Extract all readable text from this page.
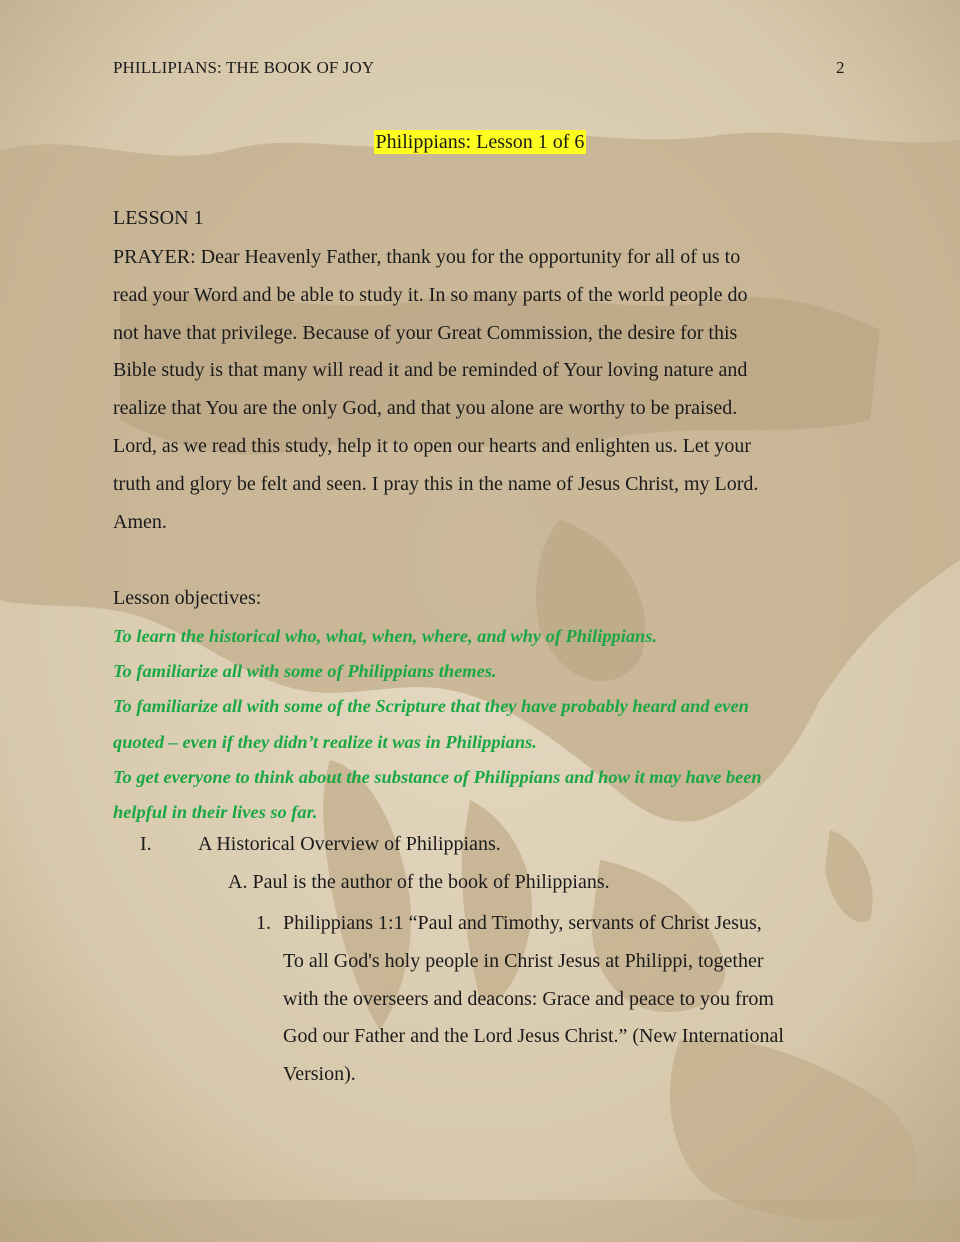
PHILLIPIANS: THE BOOK OF JOY	2
Philippians: Lesson 1 of 6
LESSON 1

PRAYER: Dear Heavenly Father, thank you for the opportunity for all of us to

read your Word and be able to study it. In so many parts of the world people do

not have that privilege. Because of your Great Commission, the desire for this

Bible study is that many will read it and be reminded of Your loving nature and

realize that You are the only God, and that you alone are worthy to be praised.

Lord, as we read this study, help it to open our hearts and enlighten us. Let your

truth and glory be felt and seen. I pray this in the name of Jesus Christ, my Lord.

Amen.

Lesson objectives:
To learn the historical who, what, when, where, and why of Philippians.
To familiarize all with some of Philippians themes.
To familiarize all with some of the Scripture that they have probably heard and even
quoted – even if they didn’t realize it was in Philippians.
To get everyone to think about the substance of Philippians and how it may have been
helpful in their lives so far.
I. A Historical Overview of Philippians.
A. Paul is the author of the book of Philippians.
1. Philippians 1:1 “Paul and Timothy, servants of Christ Jesus,
To all God's holy people in Christ Jesus at Philippi, together
with the overseers and deacons: Grace and peace to you from
God our Father and the Lord Jesus Christ.” (New International
Version).
